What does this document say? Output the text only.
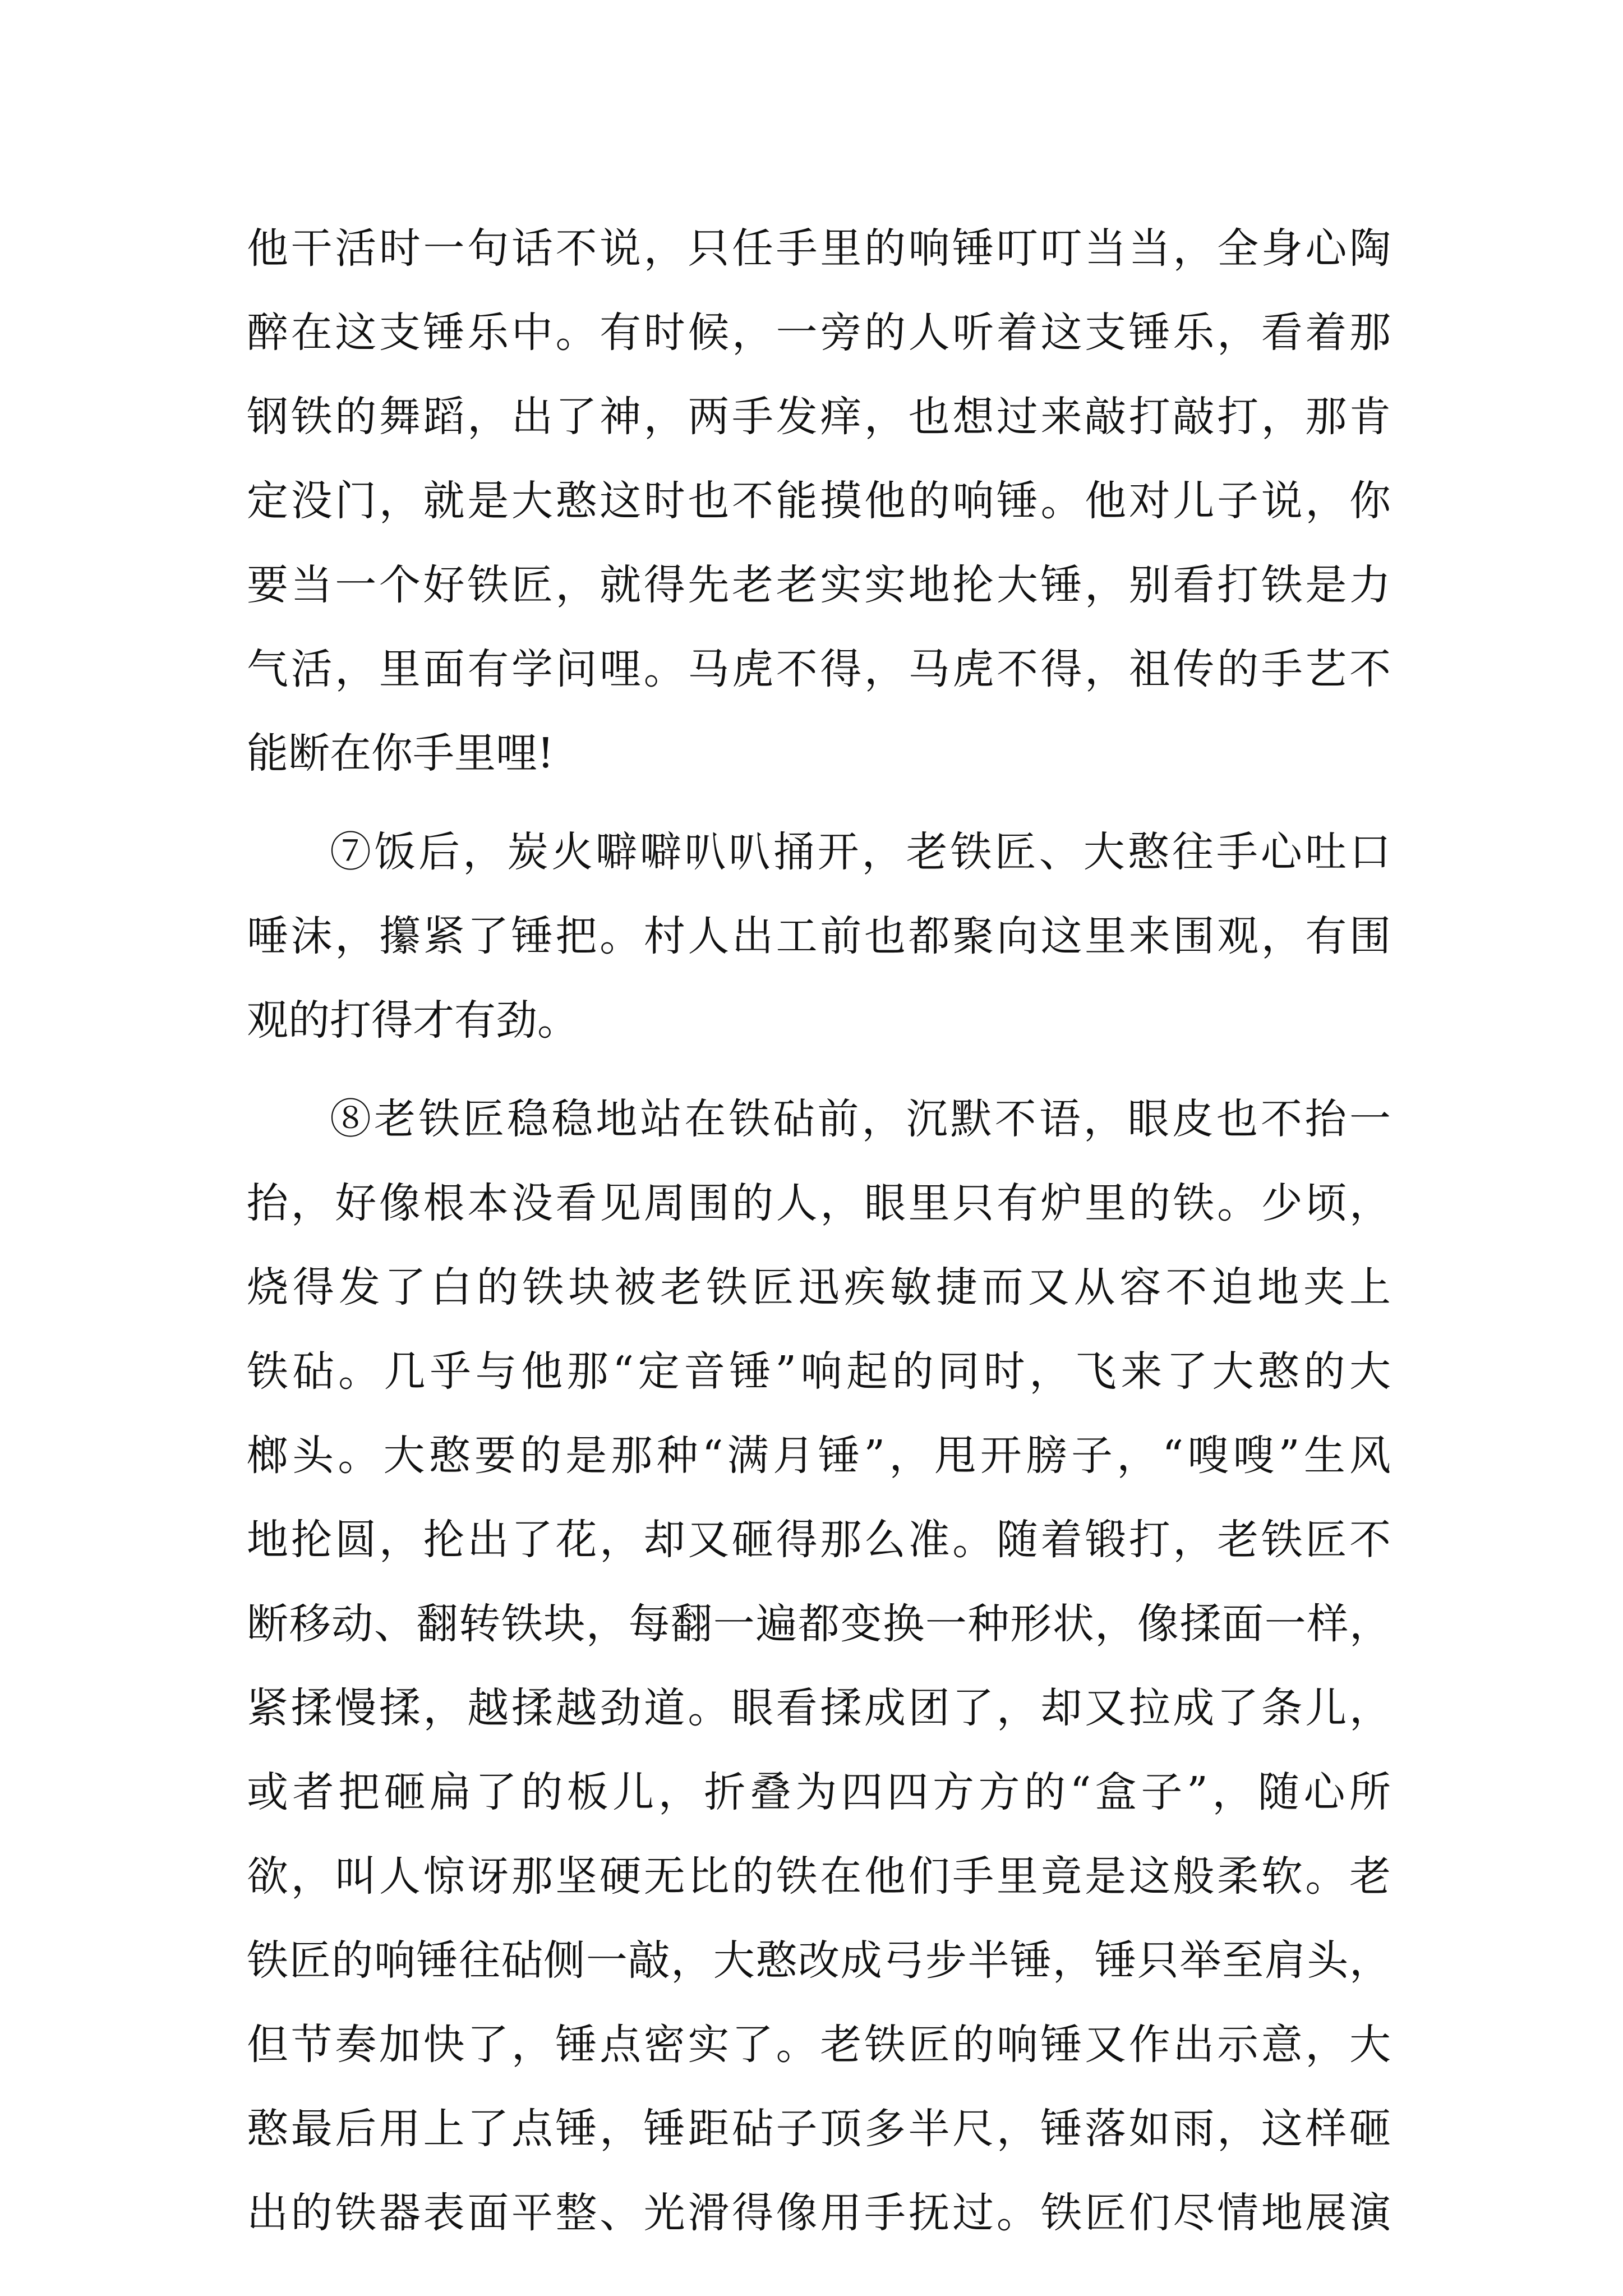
他干活时一句话不说，只任手里的响锤叮叮当当，全身心陶
醉在这支锤乐中。有时候，一旁的人听着这支锤乐，看着那
钢铁的舞蹈，出了神，两手发痒，也想过来敲打敲打，那肯
定没门，就是大憨这时也不能摸他的响锤。他对儿子说，你
要当一个好铁匠，就得先老老实实地抡大锤，别看打铁是力
气活，里面有学问哩。马虎不得，马虎不得，祖传的手艺不
能断在你手里哩!
⑦饭后，炭火噼噼叭叭捅开，老铁匠、大憨往手心吐口
唾沫，攥紧了锤把。村人出工前也都聚向这里来围观，有围
观的打得才有劲。
⑧老铁匠稳稳地站在铁砧前，沉默不语，眼皮也不抬一
抬，好像根本没看见周围的人，眼里只有炉里的铁。少顷，
烧得发了白的铁块被老铁匠迅疾敏捷而又从容不迫地夹上
铁砧。几乎与他那“定音锤”响起的同时，飞来了大憨的大
榔头。大憨要的是那种“满月锤”，甩开膀子，“嗖嗖”生风
地抡圆，抡出了花，却又砸得那么准。随着锻打，老铁匠不
断移动、翻转铁块，每翻一遍都变换一种形状，像揉面一样，
紧揉慢揉，越揉越劲道。眼看揉成团了，却又拉成了条儿，
或者把砸扁了的板儿，折叠为四四方方的“盒子”，随心所
欲，叫人惊讶那坚硬无比的铁在他们手里竟是这般柔软。老
铁匠的响锤往砧侧一敲，大憨改成弓步半锤，锤只举至肩头，
但节奏加快了，锤点密实了。老铁匠的响锤又作出示意，大
憨最后用上了点锤，锤距砧子顶多半尺，锤落如雨，这样砸
出的铁器表面平整、光滑得像用手抚过。铁匠们尽情地展演
